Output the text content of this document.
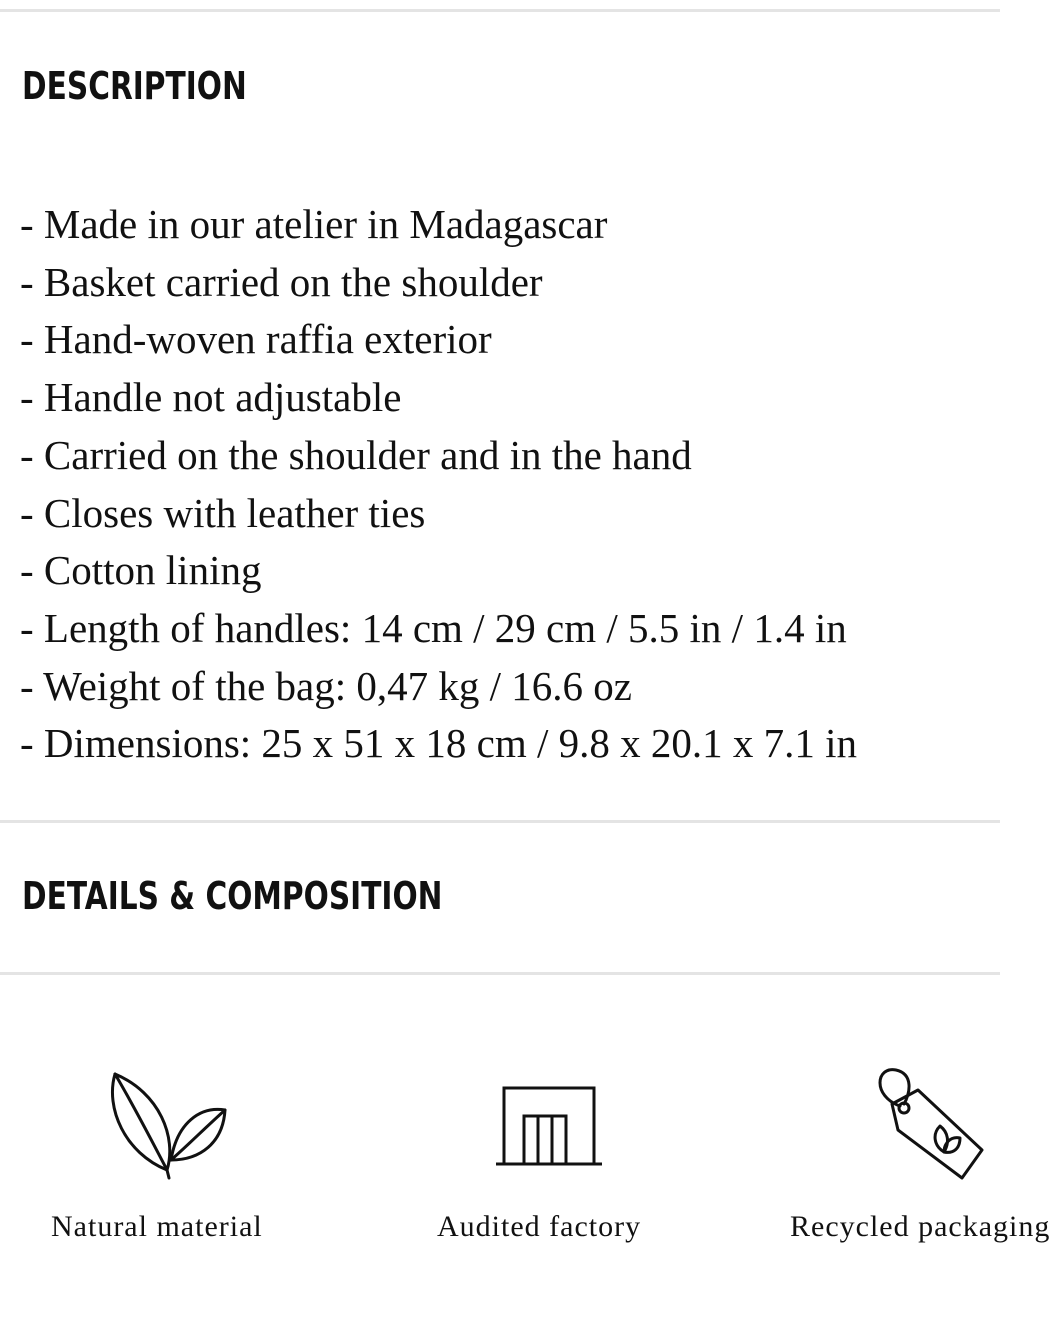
DESCRIPTION
- Made in our atelier in Madagascar
- Basket carried on the shoulder
- Hand-woven raffia exterior
- Handle not adjustable
- Carried on the shoulder and in the hand
- Closes with leather ties
- Cotton lining
- Length of handles: 14 cm / 29 cm / 5.5 in / 1.4 in
- Weight of the bag: 0,47 kg / 16.6 oz
- Dimensions: 25 x 51 x 18 cm / 9.8 x 20.1 x 7.1 in
DETAILS & COMPOSITION
Natural material	Audited factory	Recycled packaging
